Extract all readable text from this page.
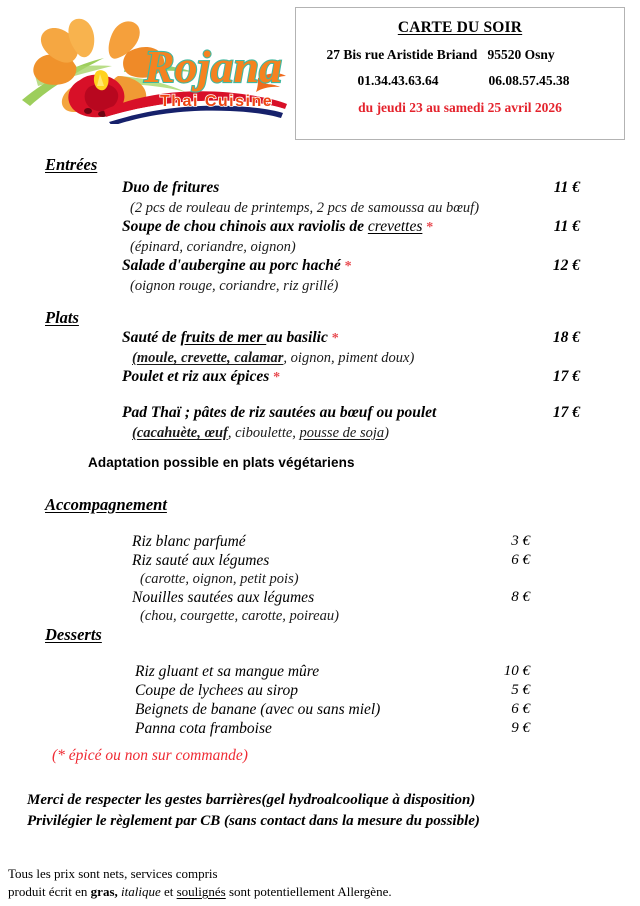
Rojana
Thai Cuisine
CARTE DU SOIR
27 Bis rue Aristide Briand 95520 Osny
01.34.43.63.64	06.08.57.45.38
du jeudi 23 au samedi 25 avril 2026
Entrées
Duo de fritures	11 €
(2 pcs de rouleau de printemps, 2 pcs de samoussa au bœuf)
Soupe de chou chinois aux raviolis de crevettes *	11 €
(épinard, coriandre, oignon)
Salade d'aubergine au porc haché *	12 €
(oignon rouge, coriandre, riz grillé)
Plats
Sauté de fruits de mer au basilic *	18 €
(moule, crevette, calamar, oignon, piment doux)
Poulet et riz aux épices *	17 €
Pad Thaï ; pâtes de riz sautées au bœuf ou poulet	17 €
(cacahuète, œuf, ciboulette, pousse de soja)
Accompagnement
Riz blanc parfumé	3 €
Riz sauté aux légumes	6 €
(carotte, oignon, petit pois)
Nouilles sautées aux légumes	8 €
(chou, courgette, carotte, poireau)
Desserts
Riz gluant et sa mangue mûre	10 €
Coupe de lychees au sirop	5 €
Beignets de banane (avec ou sans miel)	6 €
Panna cota framboise	9 €
Adaptation possible en plats végétariens
(* épicé ou non sur commande)
Merci de respecter les gestes barrières(gel hydroalcoolique à disposition)
Privilégier le règlement par CB (sans contact dans la mesure du possible)
Tous les prix sont nets, services compris
produit écrit en gras, italique et soulignés sont potentiellement Allergène.
